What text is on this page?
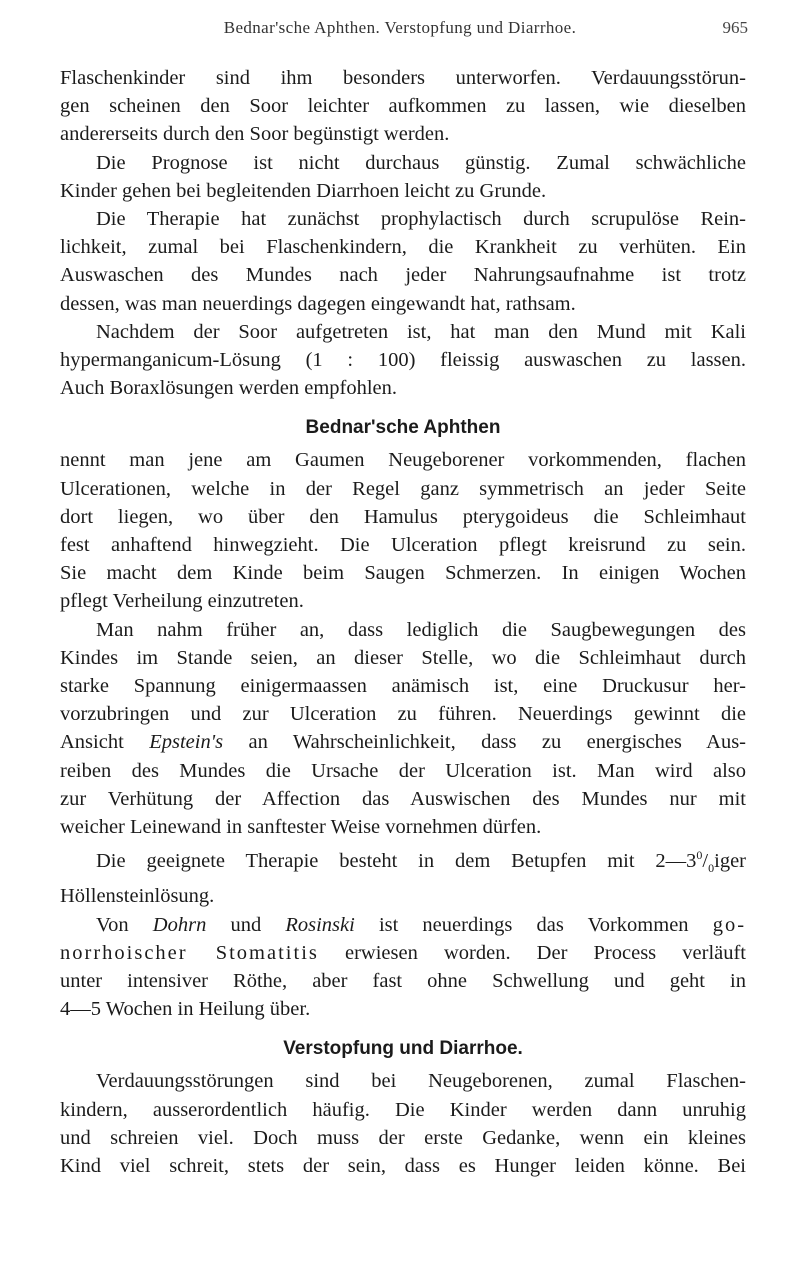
Bednar'sche Aphthen. Verstopfung und Diarrhoe.	965
Flaschenkinder sind ihm besonders unterworfen. Verdauungsstörun-
gen scheinen den Soor leichter aufkommen zu lassen, wie dieselben
andererseits durch den Soor begünstigt werden.
Die Prognose ist nicht durchaus günstig. Zumal schwächliche
Kinder gehen bei begleitenden Diarrhoen leicht zu Grunde.
Die Therapie hat zunächst prophylactisch durch scrupulöse Rein-
lichkeit, zumal bei Flaschenkindern, die Krankheit zu verhüten. Ein
Auswaschen des Mundes nach jeder Nahrungsaufnahme ist trotz
dessen, was man neuerdings dagegen eingewandt hat, rathsam.
Nachdem der Soor aufgetreten ist, hat man den Mund mit Kali
hypermanganicum-Lösung (1 : 100) fleissig auswaschen zu lassen.
Auch Boraxlösungen werden empfohlen.
Bednar'sche Aphthen
nennt man jene am Gaumen Neugeborener vorkommenden, flachen
Ulcerationen, welche in der Regel ganz symmetrisch an jeder Seite
dort liegen, wo über den Hamulus pterygoideus die Schleimhaut
fest anhaftend hinwegzieht. Die Ulceration pflegt kreisrund zu sein.
Sie macht dem Kinde beim Saugen Schmerzen. In einigen Wochen
pflegt Verheilung einzutreten.
Man nahm früher an, dass lediglich die Saugbewegungen des
Kindes im Stande seien, an dieser Stelle, wo die Schleimhaut durch
starke Spannung einigermaassen anämisch ist, eine Druckusur her-
vorzubringen und zur Ulceration zu führen. Neuerdings gewinnt die
Ansicht Epstein's an Wahrscheinlichkeit, dass zu energisches Aus-
reiben des Mundes die Ursache der Ulceration ist. Man wird also
zur Verhütung der Affection das Auswischen des Mundes nur mit
weicher Leinewand in sanftester Weise vornehmen dürfen.
Die geeignete Therapie besteht in dem Betupfen mit $2—3^0/_0iger$
Höllensteinlösung.
Von Dohrn und Rosinski ist neuerdings das Vorkommen go-
norrhoischer Stomatitis erwiesen worden. Der Process verläuft
unter intensiver Röthe, aber fast ohne Schwellung und geht in
4—5 Wochen in Heilung über.
Verstopfung und Diarrhoe.
Verdauungsstörungen sind bei Neugeborenen, zumal Flaschen-
kindern, ausserordentlich häufig. Die Kinder werden dann unruhig
und schreien viel. Doch muss der erste Gedanke, wenn ein kleines
Kind viel schreit, stets der sein, dass es Hunger leiden könne. Bei
